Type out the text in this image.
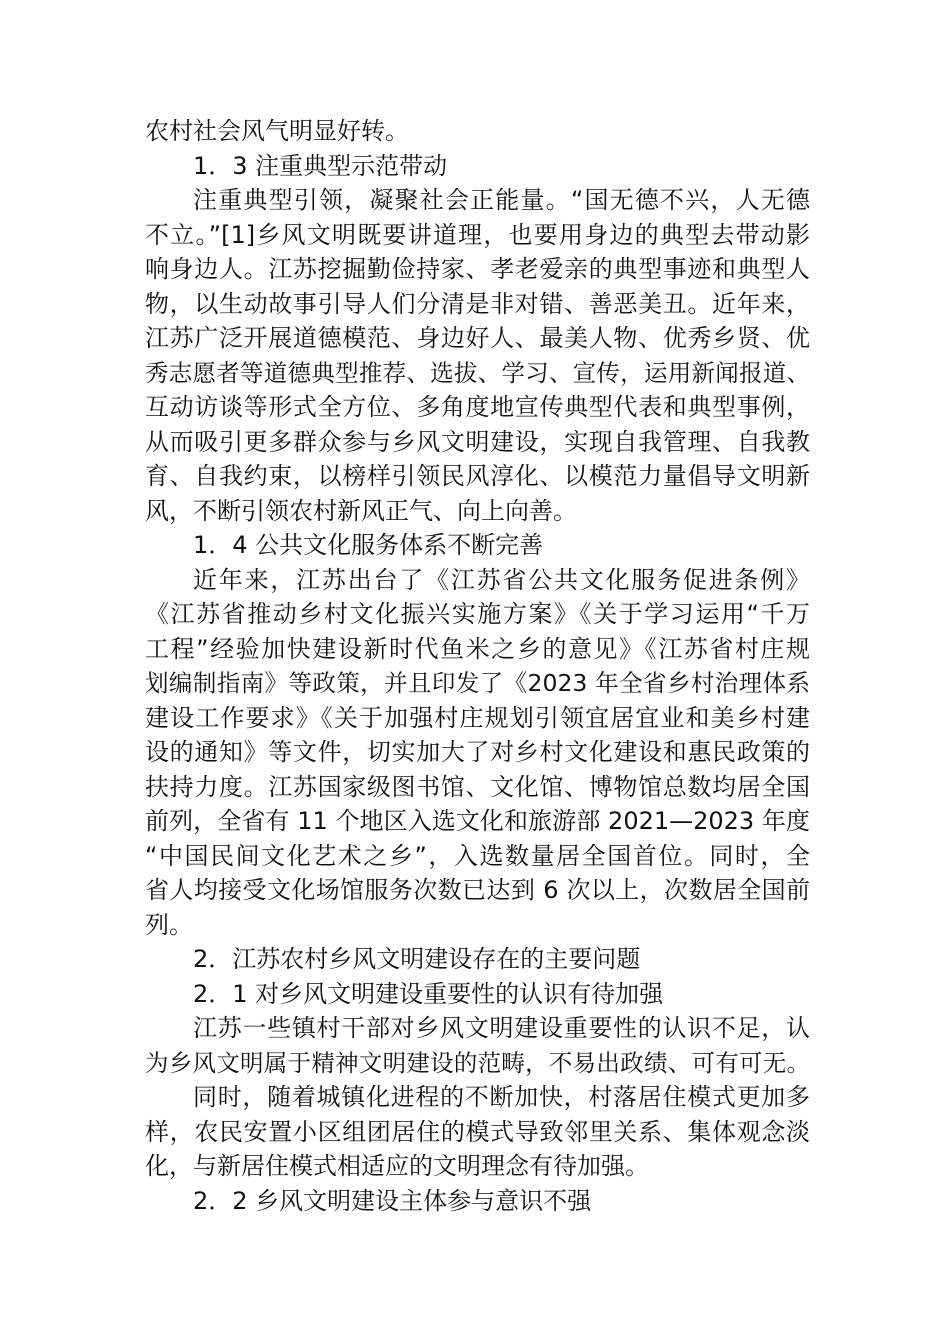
农村社会风气明显好转。
1．3 注重典型示范带动
注重典型引领，凝聚社会正能量。“国无德不兴，人无德
不立。”[1]乡风文明既要讲道理，也要用身边的典型去带动影
响身边人。江苏挖掘勤俭持家、孝老爱亲的典型事迹和典型人
物，以生动故事引导人们分清是非对错、善恶美丑。近年来，
江苏广泛开展道德模范、身边好人、最美人物、优秀乡贤、优
秀志愿者等道德典型推荐、选拔、学习、宣传，运用新闻报道、
互动访谈等形式全方位、多角度地宣传典型代表和典型事例，
从而吸引更多群众参与乡风文明建设，实现自我管理、自我教
育、自我约束，以榜样引领民风淳化、以模范力量倡导文明新
风，不断引领农村新风正气、向上向善。
1．4 公共文化服务体系不断完善
近年来，江苏出台了《江苏省公共文化服务促进条例》
《江苏省推动乡村文化振兴实施方案》《关于学习运用“千万
工程”经验加快建设新时代鱼米之乡的意见》《江苏省村庄规
划编制指南》等政策，并且印发了《2023 年全省乡村治理体系
建设工作要求》《关于加强村庄规划引领宜居宜业和美乡村建
设的通知》等文件，切实加大了对乡村文化建设和惠民政策的
扶持力度。江苏国家级图书馆、文化馆、博物馆总数均居全国
前列，全省有 11 个地区入选文化和旅游部 2021—2023 年度
“中国民间文化艺术之乡”，入选数量居全国首位。同时，全
省人均接受文化场馆服务次数已达到 6 次以上，次数居全国前
列。
2．江苏农村乡风文明建设存在的主要问题
2．1 对乡风文明建设重要性的认识有待加强
江苏一些镇村干部对乡风文明建设重要性的认识不足，认
为乡风文明属于精神文明建设的范畴，不易出政绩、可有可无。
同时，随着城镇化进程的不断加快，村落居住模式更加多
样，农民安置小区组团居住的模式导致邻里关系、集体观念淡
化，与新居住模式相适应的文明理念有待加强。
2．2 乡风文明建设主体参与意识不强
